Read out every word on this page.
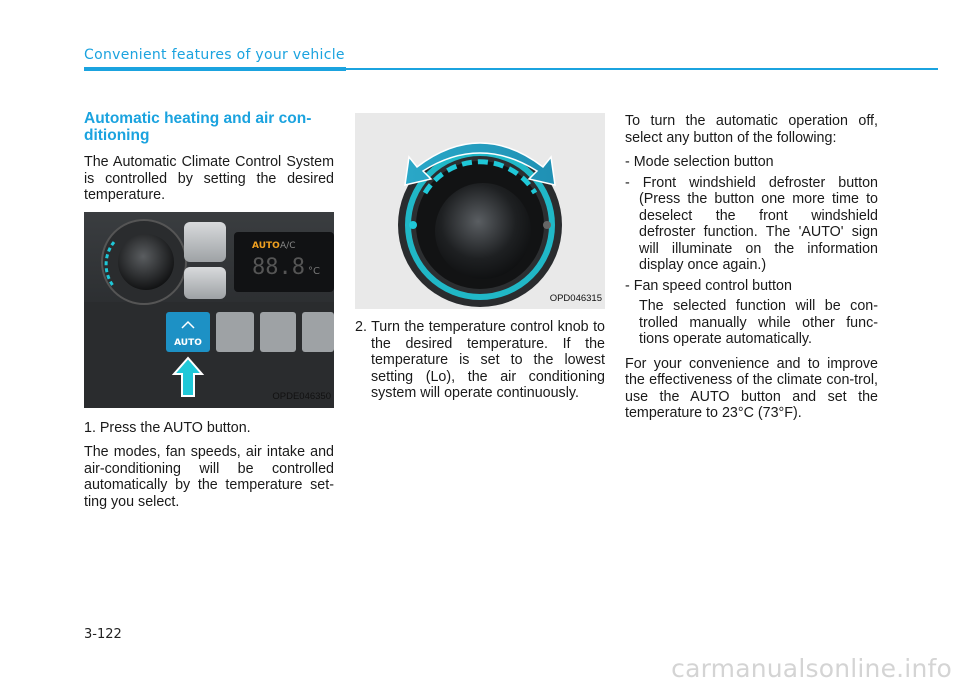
Convenient features of your vehicle
Automatic heating and air con-
ditioning

The Automatic Climate Control System is controlled by setting the desired temperature.

AUTO A/C
88.8 °C
AUTO
OPDE046350

1. Press the AUTO button.

The modes, fan speeds, air intake and air-conditioning will be controlled automatically by the temperature set-ting you select.

OPD046315

2. Turn the temperature control knob to the desired temperature. If the temperature is set to the lowest setting (Lo), the air conditioning system will operate continuously.

To turn the automatic operation off, select any button of the following:

- Mode selection button

- Front windshield defroster button (Press the button one more time to deselect the front windshield defroster function. The 'AUTO' sign will illuminate on the information display once again.)

- Fan speed control button

The selected function will be con-trolled manually while other func-tions operate automatically.

For your convenience and to improve the effectiveness of the climate con-trol, use the AUTO button and set the temperature to 23°C (73°F).

3-122
carmanualsonline.info
